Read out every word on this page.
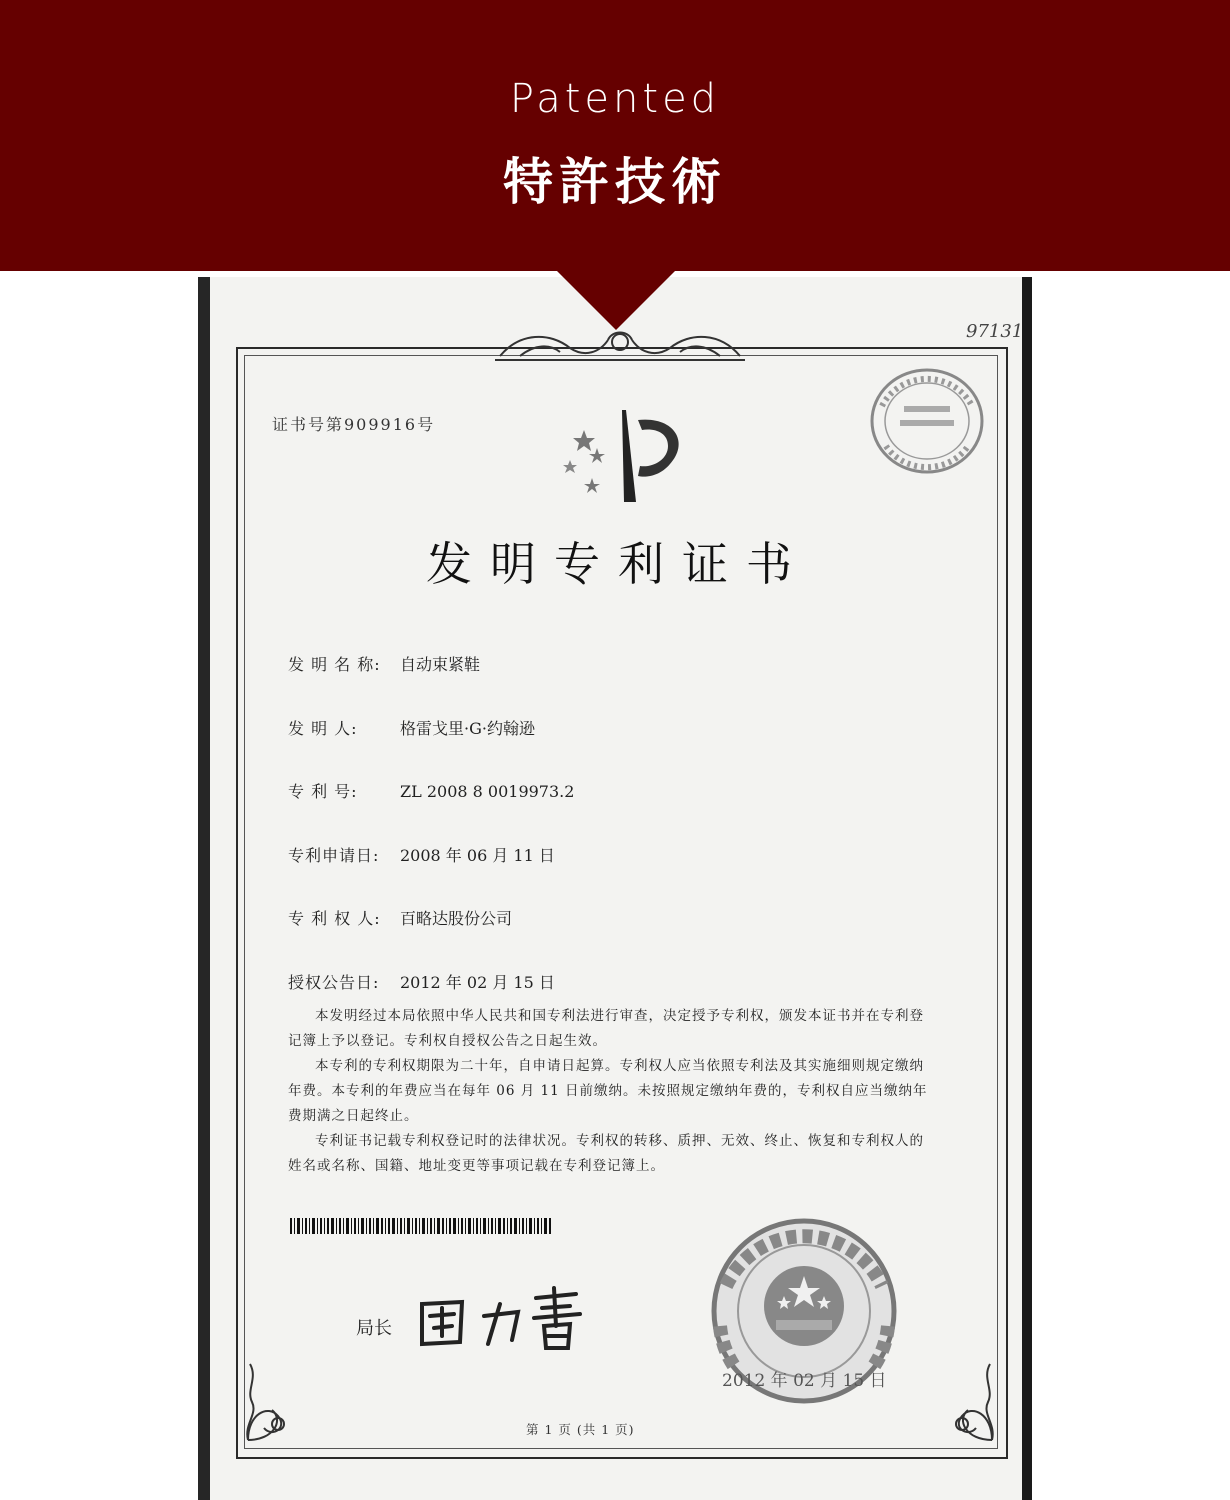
Patented
特許技術
97131
证书号第909916号
发明专利证书
发 明 名 称: 自动束紧鞋
发 明 人:	格雷戈里·G·约翰逊
专 利 号:	ZL 2008 8 0019973.2
专利申请日: 2008 年 06 月 11 日
专 利 权 人: 百略达股份公司
授权公告日: 2012 年 02 月 15 日

本发明经过本局依照中华人民共和国专利法进行审查，决定授予专利权，颁发本证书并在专利登记簿上予以登记。专利权自授权公告之日起生效。

本专利的专利权期限为二十年，自申请日起算。专利权人应当依照专利法及其实施细则规定缴纳年费。本专利的年费应当在每年 06 月 11 日前缴纳。未按照规定缴纳年费的，专利权自应当缴纳年费期满之日起终止。

专利证书记载专利权登记时的法律状况。专利权的转移、质押、无效、终止、恢复和专利权人的姓名或名称、国籍、地址变更等事项记载在专利登记簿上。

局长
2012 年 02 月 15 日
第 1 页 (共 1 页)
